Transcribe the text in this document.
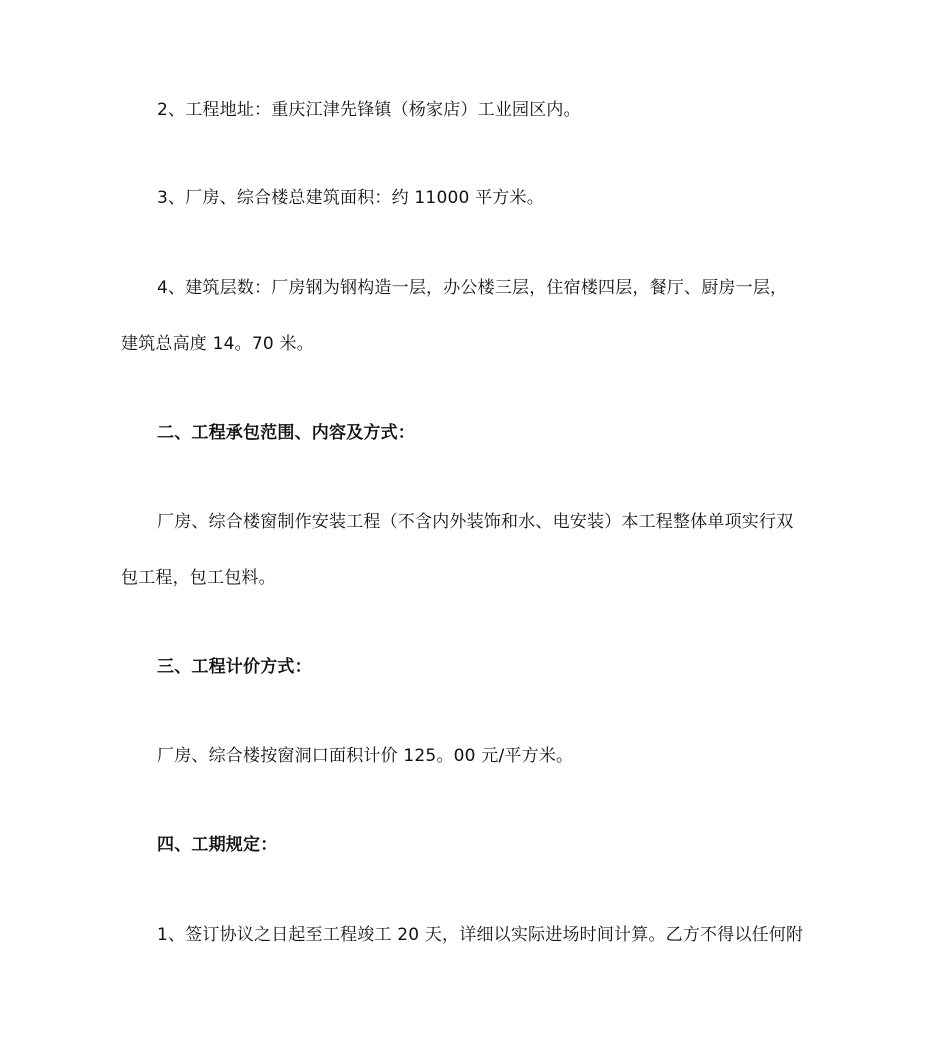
2、工程地址：重庆江津先锋镇（杨家店）工业园区内。
3、厂房、综合楼总建筑面积：约 11000 平方米。
4、建筑层数：厂房钢为钢构造一层，办公楼三层，住宿楼四层，餐厅、厨房一层，
建筑总高度 14。70 米。
二、工程承包范围、内容及方式：
厂房、综合楼窗制作安装工程（不含内外装饰和水、电安装）本工程整体单项实行双
包工程，包工包料。
三、工程计价方式：
厂房、综合楼按窗洞口面积计价 125。00 元/平方米。
四、工期规定：
1、签订协议之日起至工程竣工 20 天，详细以实际进场时间计算。乙方不得以任何附
